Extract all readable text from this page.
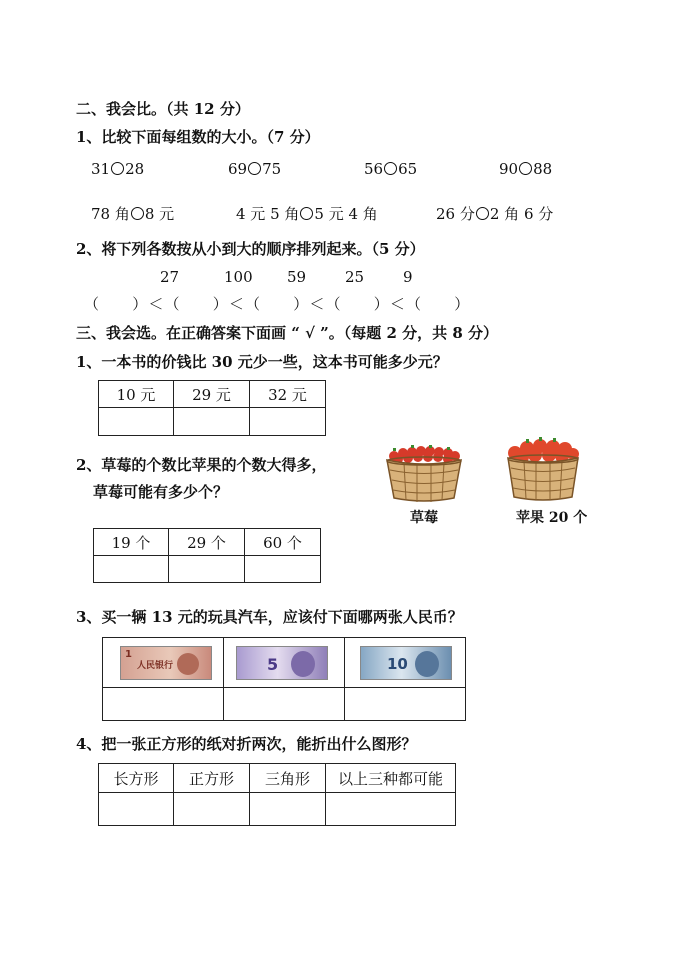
二、我会比。（共 12 分）
1、比较下面每组数的大小。（7 分）
31 28	69 75	56 65	90 88
78 角 8 元	4 元 5 角 5 元 4 角	26 分 2 角 6 分
2、将下列各数按从小到大的顺序排列起来。（5 分）
27	100 59	25	9
（　　）＜（　　）＜（　　）＜（　　）＜（　　）
三、我会选。在正确答案下面画 “ √ ”。（每题 2 分，共 8 分）
1、一本书的价钱比 30 元少一些，这本书可能多少元？
10 元	29 元	32 元

2、草莓的个数比苹果的个数大得多，
草莓可能有多少个？
草莓	苹果 20 个
19 个	29 个	60 个

3、买一辆 13 元的玩具汽车，应该付下面哪两张人民币？
1
人民银行	5	10

4、把一张正方形的纸对折两次，能折出什么图形？
长方形	正方形	三角形	以上三种都可能
